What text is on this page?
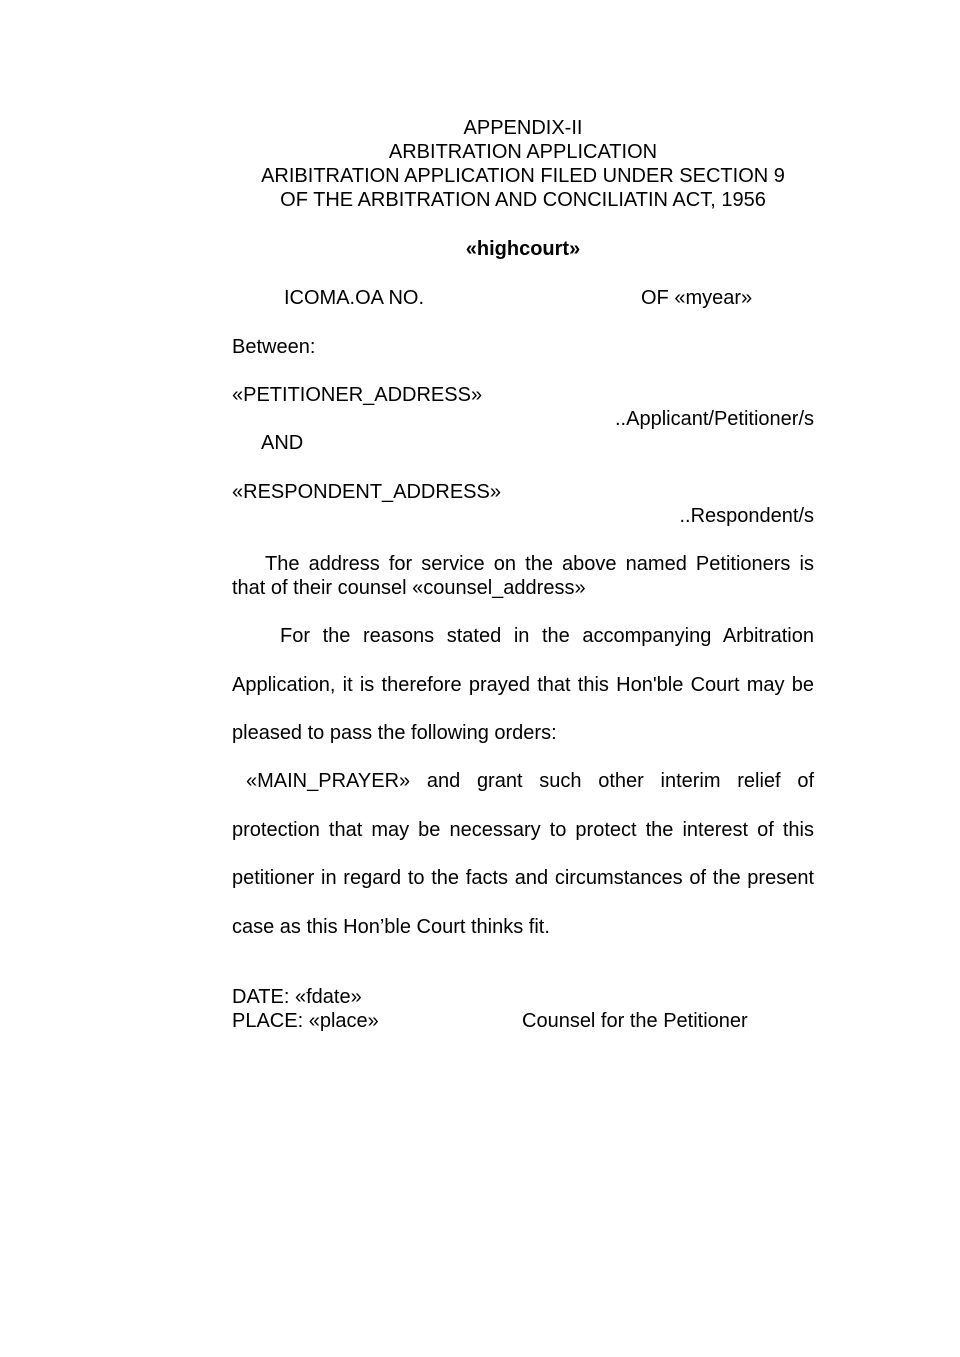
APPENDIX-II
ARBITRATION APPLICATION
ARIBITRATION APPLICATION FILED UNDER SECTION 9
OF THE ARBITRATION AND CONCILIATIN ACT, 1956
«highcourt»
ICOMA.OA NO.	OF «myear»
Between:
«PETITIONER_ADDRESS»
..Applicant/Petitioner/s
AND
«RESPONDENT_ADDRESS»
..Respondent/s
The address for service on the above named Petitioners is that of their counsel «counsel_address»
For the reasons stated in the accompanying Arbitration Application, it is therefore prayed that this Hon'ble Court may be pleased to pass the following orders:
«MAIN_PRAYER» and grant such other interim relief of protection that may be necessary to protect the interest of this petitioner in regard to the facts and circumstances of the present case as this Hon’ble Court thinks fit.
DATE: «fdate»
PLACE: «place»	Counsel for the Petitioner
